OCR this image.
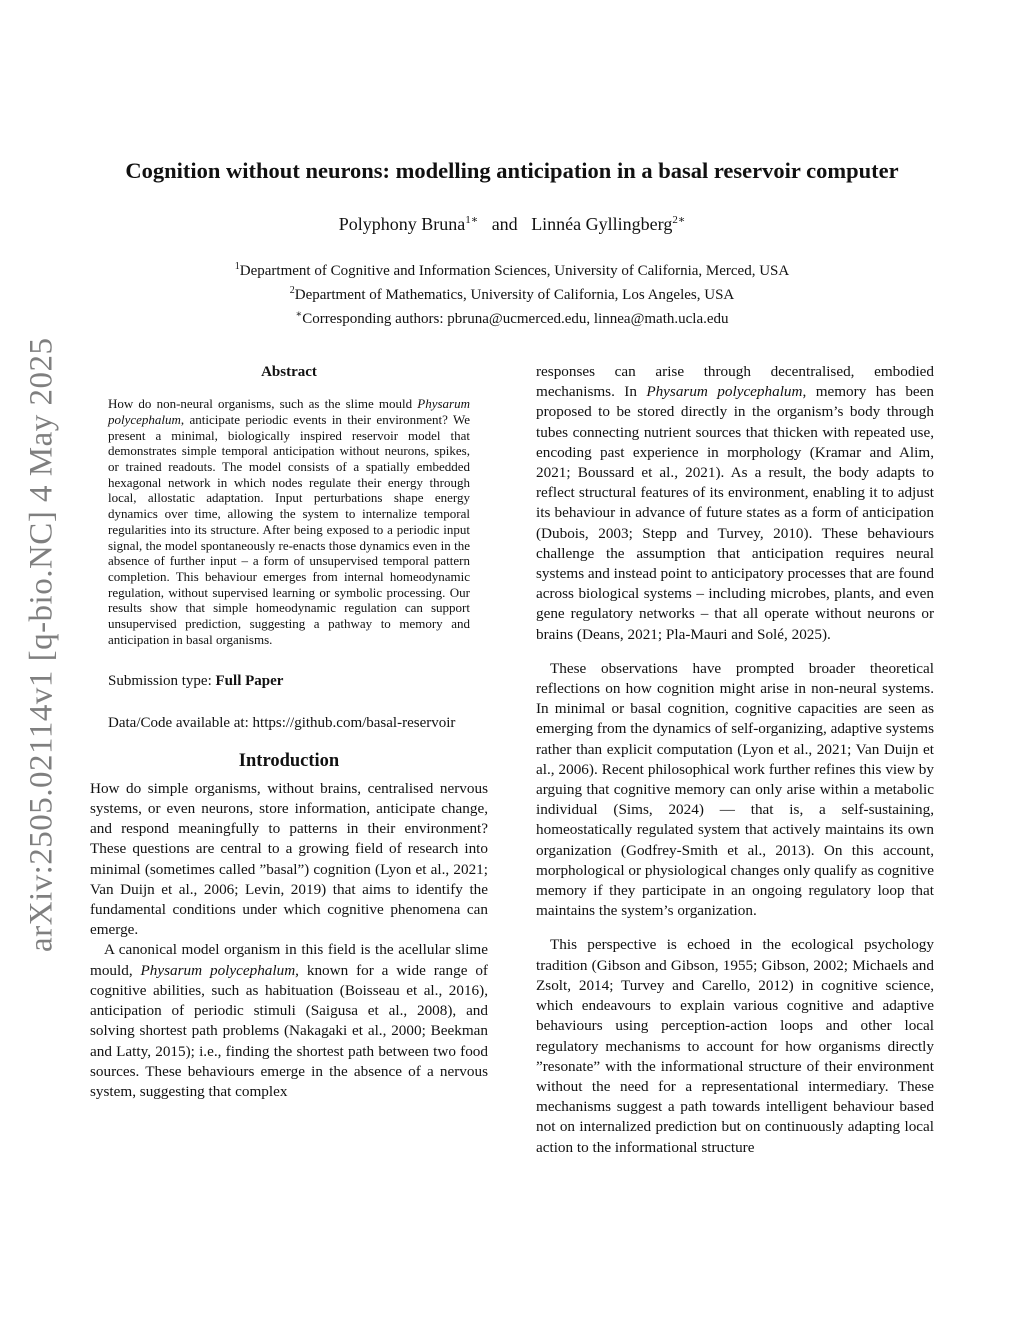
arXiv:2505.02114v1 [q-bio.NC] 4 May 2025
Cognition without neurons: modelling anticipation in a basal reservoir computer
Polyphony Bruna$^{1∗}$ and Linnéa Gyllingberg$^{2∗}$
$^1$Department of Cognitive and Information Sciences, University of California, Merced, USA
$^2$Department of Mathematics, University of California, Los Angeles, USA
∗Corresponding authors: pbruna@ucmerced.edu, linnea@math.ucla.edu
Abstract
How do non-neural organisms, such as the slime mould Physarum polycephalum, anticipate periodic events in their environment? We present a minimal, biologically inspired reservoir model that demonstrates simple temporal anticipation without neurons, spikes, or trained readouts. The model consists of a spatially embedded hexagonal network in which nodes regulate their energy through local, allostatic adaptation. Input perturbations shape energy dynamics over time, allowing the system to internalize temporal regularities into its structure. After being exposed to a periodic input signal, the model spontaneously re-enacts those dynamics even in the absence of further input – a form of unsupervised temporal pattern completion. This behaviour emerges from internal homeodynamic regulation, without supervised learning or symbolic processing. Our results show that simple homeodynamic regulation can support unsupervised prediction, suggesting a pathway to memory and anticipation in basal organisms.
Submission type: Full Paper
Data/Code available at: https://github.com/basal-reservoir
Introduction

How do simple organisms, without brains, centralised nervous systems, or even neurons, store information, anticipate change, and respond meaningfully to patterns in their environment? These questions are central to a growing field of research into minimal (sometimes called ”basal”) cognition (Lyon et al., 2021; Van Duijn et al., 2006; Levin, 2019) that aims to identify the fundamental conditions under which cognitive phenomena can emerge.

A canonical model organism in this field is the acellular slime mould, Physarum polycephalum, known for a wide range of cognitive abilities, such as habituation (Boisseau et al., 2016), anticipation of periodic stimuli (Saigusa et al., 2008), and solving shortest path problems (Nakagaki et al., 2000; Beekman and Latty, 2015); i.e., finding the shortest path between two food sources. These behaviours emerge in the absence of a nervous system, suggesting that complex

responses can arise through decentralised, embodied mechanisms. In Physarum polycephalum, memory has been proposed to be stored directly in the organism’s body through tubes connecting nutrient sources that thicken with repeated use, encoding past experience in morphology (Kramar and Alim, 2021; Boussard et al., 2021). As a result, the body adapts to reflect structural features of its environment, enabling it to adjust its behaviour in advance of future states as a form of anticipation (Dubois, 2003; Stepp and Turvey, 2010). These behaviours challenge the assumption that anticipation requires neural systems and instead point to anticipatory processes that are found across biological systems – including microbes, plants, and even gene regulatory networks – that all operate without neurons or brains (Deans, 2021; Pla-Mauri and Solé, 2025).

These observations have prompted broader theoretical reflections on how cognition might arise in non-neural systems. In minimal or basal cognition, cognitive capacities are seen as emerging from the dynamics of self-organizing, adaptive systems rather than explicit computation (Lyon et al., 2021; Van Duijn et al., 2006). Recent philosophical work further refines this view by arguing that cognitive memory can only arise within a metabolic individual (Sims, 2024) — that is, a self-sustaining, homeostatically regulated system that actively maintains its own organization (Godfrey-Smith et al., 2013). On this account, morphological or physiological changes only qualify as cognitive memory if they participate in an ongoing regulatory loop that maintains the system’s organization.

This perspective is echoed in the ecological psychology tradition (Gibson and Gibson, 1955; Gibson, 2002; Michaels and Zsolt, 2014; Turvey and Carello, 2012) in cognitive science, which endeavours to explain various cognitive and adaptive behaviours using perception-action loops and other local regulatory mechanisms to account for how organisms directly ”resonate” with the informational structure of their environment without the need for a representational intermediary. These mechanisms suggest a path towards intelligent behaviour based not on internalized prediction but on continuously adapting local action to the informational structure
